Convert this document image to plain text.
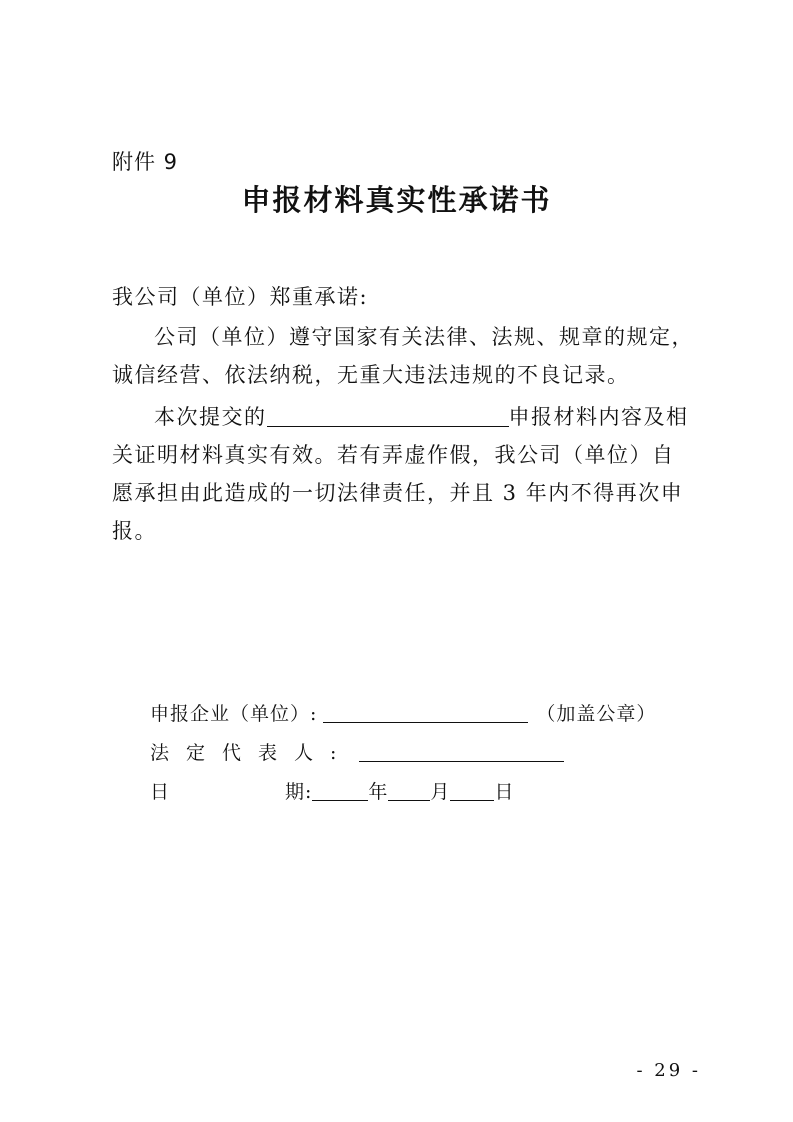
附件 9
申报材料真实性承诺书

我公司（单位）郑重承诺:

公司（单位）遵守国家有关法律、法规、规章的规定，诚信经营、依法纳税，无重大违法违规的不良记录。

本次提交的	申报材料内容及相关证明材料真实有效。若有弄虚作假，我公司（单位）自愿承担由此造成的一切法律责任，并且 3 年内不得再次申报。

申报企业（单位）:	（加盖公章）
法定代表人:
日	期:	年 月 日
- 29 -
